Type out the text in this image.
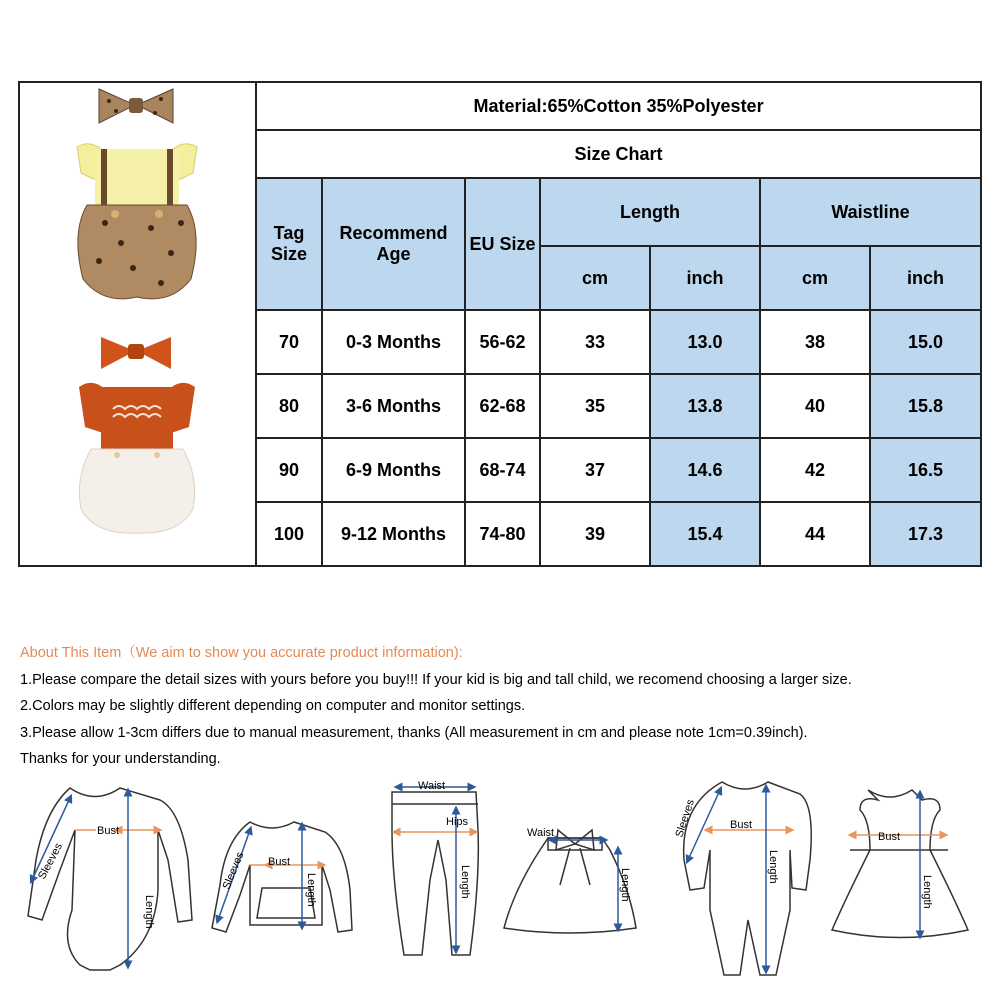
	Material:65%Cotton 35%Polyester						
	Size Chart						
	Tag Size	Recommend Age	EU Size	Length		Waistline	
				cm	inch	cm	inch
	70	0-3 Months	56-62	33	13.0	38	15.0
	80	3-6 Months	62-68	35	13.8	40	15.8
	90	6-9 Months	68-74	37	14.6	42	16.5
	100	9-12 Months	74-80	39	15.4	44	17.3
About This Item（We aim to show you accurate product information):
1.Please compare the detail sizes with yours before you buy!!! If your kid is big and tall child, we recomend choosing a larger size.
2.Colors may be slightly different depending on computer and monitor settings.
3.Please allow 1-3cm differs due to manual measurement, thanks (All measurement in cm and please note 1cm=0.39inch).
Thanks for your understanding.
Bust
Sleeves
Length
Bust
Sleeves	Length
Waist
Hips
Length
Waist
Length
Bust
Sleeves
Length
Bust
Length
